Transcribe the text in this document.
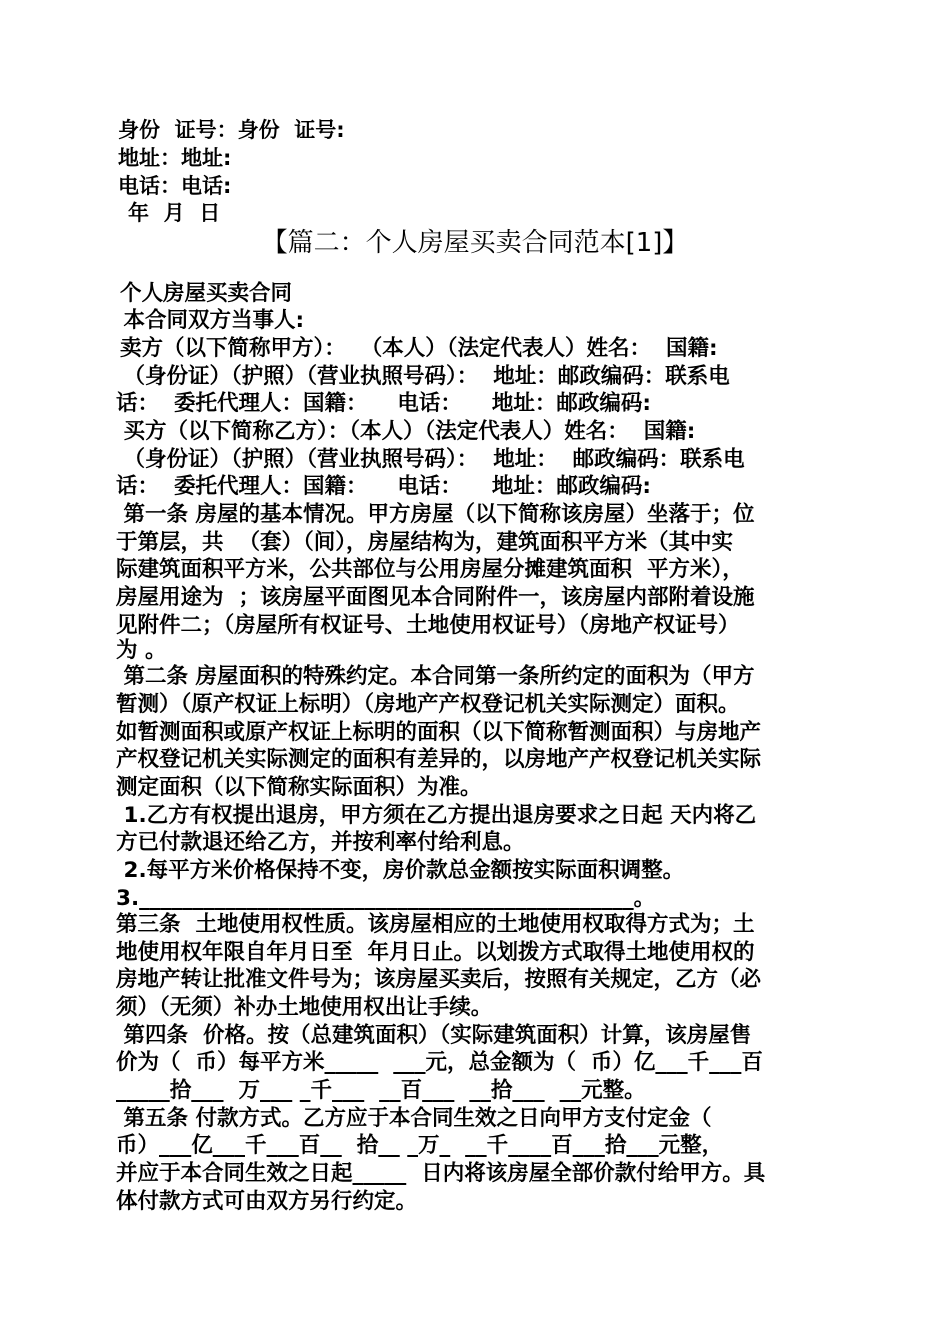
身份  证号：身份  证号:
地址：地址:
电话：电话:
年  月  日
【篇二：个人房屋买卖合同范本[1]】
个人房屋买卖合同
本合同双方当事人:
卖方（以下简称甲方）：  （本人）（法定代表人）姓名：  国籍:
（身份证）（护照）（营业执照号码）：  地址：邮政编码：联系电
话：  委托代理人：国籍：    电话：    地址：邮政编码:
买方（以下简称乙方）：（本人）（法定代表人）姓名：  国籍:
（身份证）（护照）（营业执照号码）：  地址：  邮政编码：联系电
话：  委托代理人：国籍：    电话：    地址：邮政编码:
第一条 房屋的基本情况。甲方房屋（以下简称该房屋）坐落于；位
于第层，共  （套）（间），房屋结构为，建筑面积平方米（其中实
际建筑面积平方米，公共部位与公用房屋分摊建筑面积  平方米），
房屋用途为  ；该房屋平面图见本合同附件一，该房屋内部附着设施
见附件二；（房屋所有权证号、土地使用权证号）（房地产权证号）
为 。
第二条 房屋面积的特殊约定。本合同第一条所约定的面积为（甲方
暂测）（原产权证上标明）（房地产产权登记机关实际测定）面积。
如暂测面积或原产权证上标明的面积（以下简称暂测面积）与房地产
产权登记机关实际测定的面积有差异的，以房地产产权登记机关实际
测定面积（以下简称实际面积）为准。
1.乙方有权提出退房，甲方须在乙方提出退房要求之日起 天内将乙
方已付款退还给乙方，并按利率付给利息。
2.每平方米价格保持不变，房价款总金额按实际面积调整。
3.______________________________________________。
第三条  土地使用权性质。该房屋相应的土地使用权取得方式为；土
地使用权年限自年月日至  年月日止。以划拨方式取得土地使用权的
房地产转让批准文件号为；该房屋买卖后，按照有关规定，乙方（必
须）（无须）补办土地使用权出让手续。
第四条  价格。按（总建筑面积）（实际建筑面积）计算，该房屋售
价为（  币）每平方米_____  ___元，总金额为（  币）亿___千___百
_____拾___  万___ _千___  __百___  __拾___  __元整。
第五条 付款方式。乙方应于本合同生效之日向甲方支付定金（
币）___亿___千___百__  拾__ _万_  __千____百___拾___元整，
并应于本合同生效之日起_____  日内将该房屋全部价款付给甲方。具
体付款方式可由双方另行约定。
